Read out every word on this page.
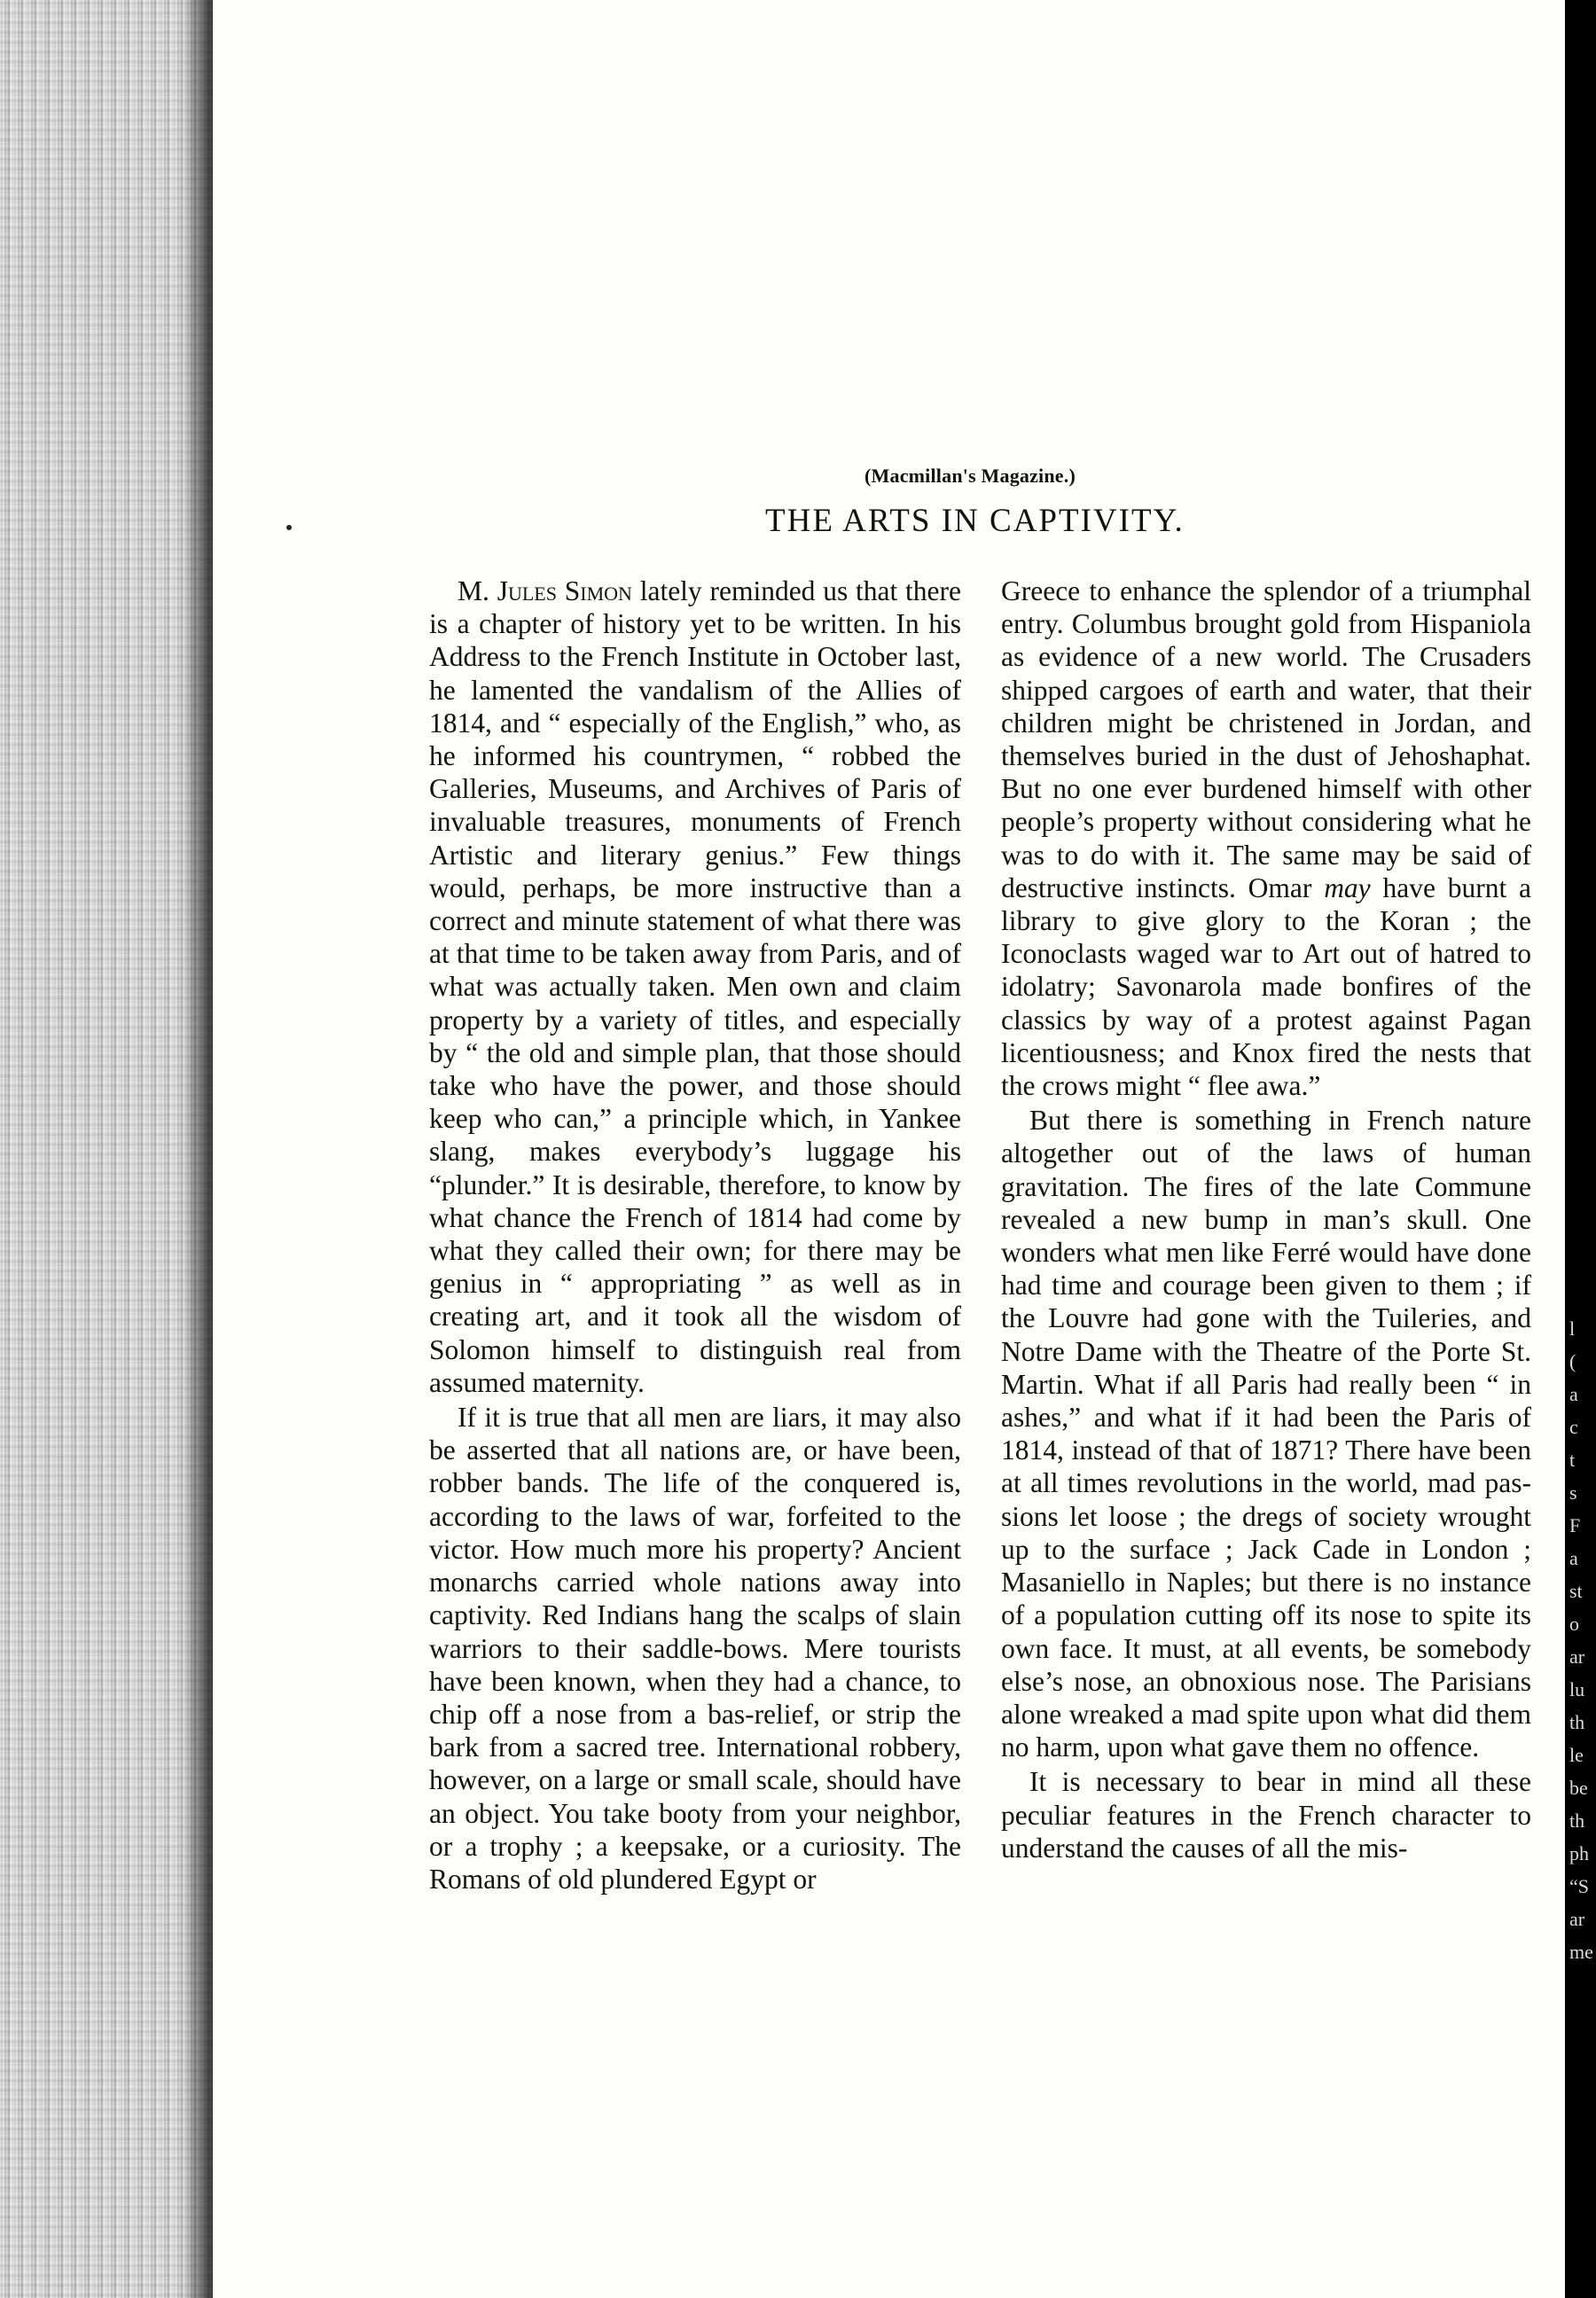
(Macmillan's Magazine.)
THE ARTS IN CAPTIVITY.

M. Jules Simon lately reminded us that there is a chapter of history yet to be written. In his Address to the French Institute in October last, he lamented the vandalism of the Allies of 1814, and “ especially of the English,” who, as he informed his countrymen, “ robbed the Galleries, Museums, and Archives of Paris of invaluable treasures, monuments of French Artistic and literary genius.” Few things would, perhaps, be more instructive than a correct and minute statement of what there was at that time to be taken away from Paris, and of what was actually taken. Men own and claim property by a variety of titles, and especially by “ the old and simple plan, that those should take who have the power, and those should keep who can,” a principle which, in Yankee slang, makes everybody’s luggage his “plunder.” It is desirable, therefore, to know by what chance the French of 1814 had come by what they called their own; for there may be genius in “ appropriating ” as well as in creating art, and it took all the wisdom of Solomon himself to distinguish real from assumed maternity.

If it is true that all men are liars, it may also be asserted that all nations are, or have been, robber bands. The life of the conquered is, according to the laws of war, forfeited to the victor. How much more his property? Ancient monarchs carried whole nations away into captivity. Red Indians hang the scalps of slain warriors to their saddle-bows. Mere tourists have been known, when they had a chance, to chip off a nose from a bas-relief, or strip the bark from a sacred tree. International robbery, however, on a large or small scale, should have an object. You take booty from your neighbor, or a trophy ; a keepsake, or a curiosity. The Romans of old plundered Egypt or

Greece to enhance the splendor of a triumphal entry. Columbus brought gold from Hispaniola as evidence of a new world. The Crusaders shipped cargoes of earth and water, that their children might be christened in Jordan, and themselves buried in the dust of Jehoshaphat. But no one ever burdened himself with other people’s property without considering what he was to do with it. The same may be said of destructive instincts. Omar may have burnt a library to give glory to the Koran ; the Iconoclasts waged war to Art out of hatred to idolatry; Savonarola made bonfires of the classics by way of a protest against Pagan licentiousness; and Knox fired the nests that the crows might “ flee awa.”

But there is something in French nature altogether out of the laws of human gravitation. The fires of the late Commune revealed a new bump in man’s skull. One wonders what men like Ferré would have done had time and courage been given to them ; if the Louvre had gone with the Tuileries, and Notre Dame with the Theatre of the Porte St. Martin. What if all Paris had really been “ in ashes,” and what if it had been the Paris of 1814, instead of that of 1871? There have been at all times revolutions in the world, mad passions let loose ; the dregs of society wrought up to the surface ; Jack Cade in London ; Masaniello in Naples; but there is no instance of a population cutting off its nose to spite its own face. It must, at all events, be somebody else’s nose, an obnoxious nose. The Parisians alone wreaked a mad spite upon what did them no harm, upon what gave them no offence.

It is necessary to bear in mind all these peculiar features in the French character to understand the causes of all the mis-

l
(
a
c
t
s
F
a
st
o
ar
lu
th
le
be
th
ph
“S
ar
me
